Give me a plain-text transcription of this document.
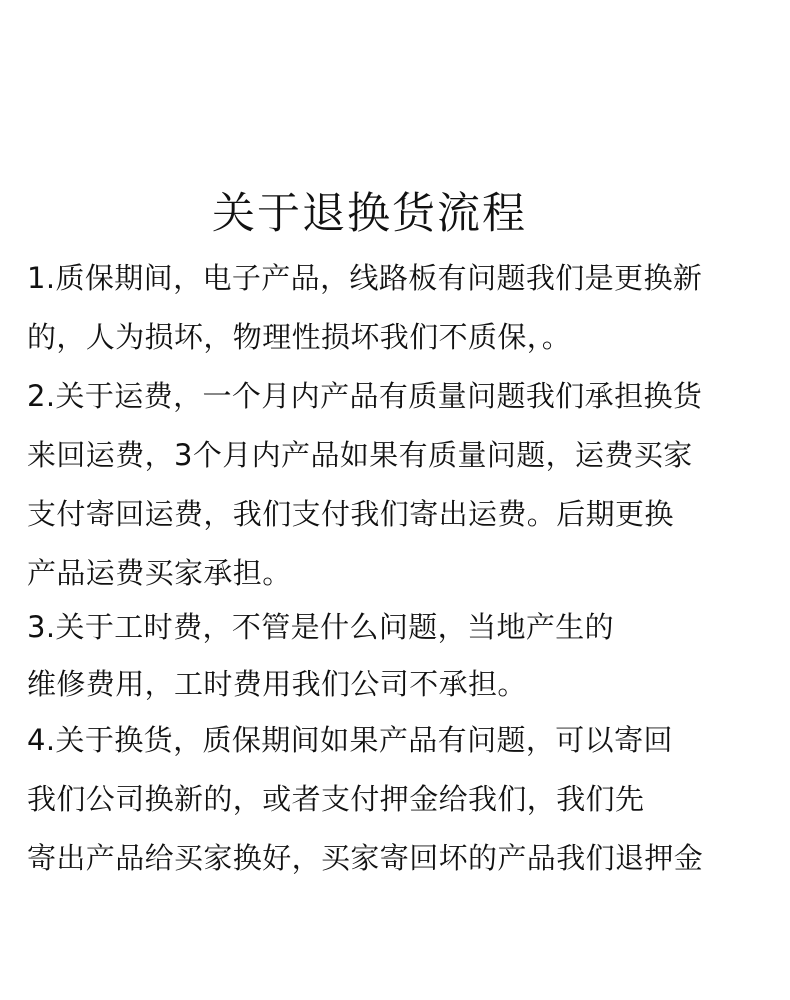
关于退换货流程
1.质保期间，电子产品，线路板有问题我们是更换新
的，人为损坏，物理性损坏我们不质保，。
2.关于运费，一个月内产品有质量问题我们承担换货
来回运费，3个月内产品如果有质量问题，运费买家
支付寄回运费，我们支付我们寄出运费。后期更换
产品运费买家承担。
3.关于工时费，不管是什么问题，当地产生的
维修费用，工时费用我们公司不承担。
4.关于换货，质保期间如果产品有问题，可以寄回
我们公司换新的，或者支付押金给我们，我们先
寄出产品给买家换好，买家寄回坏的产品我们退押金
